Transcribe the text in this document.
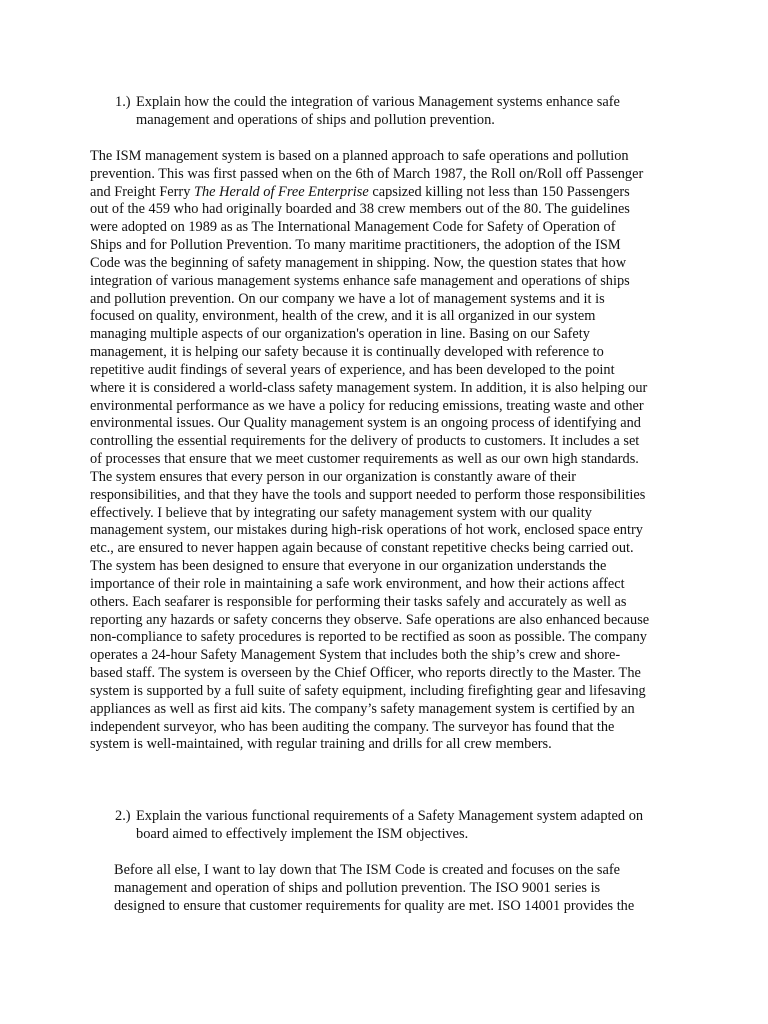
1.) Explain how the could the integration of various Management systems enhance safe
management and operations of ships and pollution prevention.
The ISM management system is based on a planned approach to safe operations and pollution
prevention. This was first passed when on the 6th of March 1987, the Roll on/Roll off Passenger
and Freight Ferry The Herald of Free Enterprise capsized killing not less than 150 Passengers
out of the 459 who had originally boarded and 38 crew members out of the 80. The guidelines
were adopted on 1989 as as The International Management Code for Safety of Operation of
Ships and for Pollution Prevention. To many maritime practitioners, the adoption of the ISM
Code was the beginning of safety management in shipping. Now, the question states that how
integration of various management systems enhance safe management and operations of ships
and pollution prevention. On our company we have a lot of management systems and it is
focused on quality, environment, health of the crew, and it is all organized in our system
managing multiple aspects of our organization's operation in line. Basing on our Safety
management, it is helping our safety because it is continually developed with reference to
repetitive audit findings of several years of experience, and has been developed to the point
where it is considered a world-class safety management system. In addition, it is also helping our
environmental performance as we have a policy for reducing emissions, treating waste and other
environmental issues. Our Quality management system is an ongoing process of identifying and
controlling the essential requirements for the delivery of products to customers. It includes a set
of processes that ensure that we meet customer requirements as well as our own high standards.
The system ensures that every person in our organization is constantly aware of their
responsibilities, and that they have the tools and support needed to perform those responsibilities
effectively. I believe that by integrating our safety management system with our quality
management system, our mistakes during high-risk operations of hot work, enclosed space entry
etc., are ensured to never happen again because of constant repetitive checks being carried out.
The system has been designed to ensure that everyone in our organization understands the
importance of their role in maintaining a safe work environment, and how their actions affect
others. Each seafarer is responsible for performing their tasks safely and accurately as well as
reporting any hazards or safety concerns they observe. Safe operations are also enhanced because
non-compliance to safety procedures is reported to be rectified as soon as possible. The company
operates a 24-hour Safety Management System that includes both the ship’s crew and shore-
based staff. The system is overseen by the Chief Officer, who reports directly to the Master. The
system is supported by a full suite of safety equipment, including firefighting gear and lifesaving
appliances as well as first aid kits. The company’s safety management system is certified by an
independent surveyor, who has been auditing the company. The surveyor has found that the
system is well-maintained, with regular training and drills for all crew members.
2.) Explain the various functional requirements of a Safety Management system adapted on
board aimed to effectively implement the ISM objectives.
Before all else, I want to lay down that The ISM Code is created and focuses on the safe
management and operation of ships and pollution prevention. The ISO 9001 series is
designed to ensure that customer requirements for quality are met. ISO 14001 provides the
